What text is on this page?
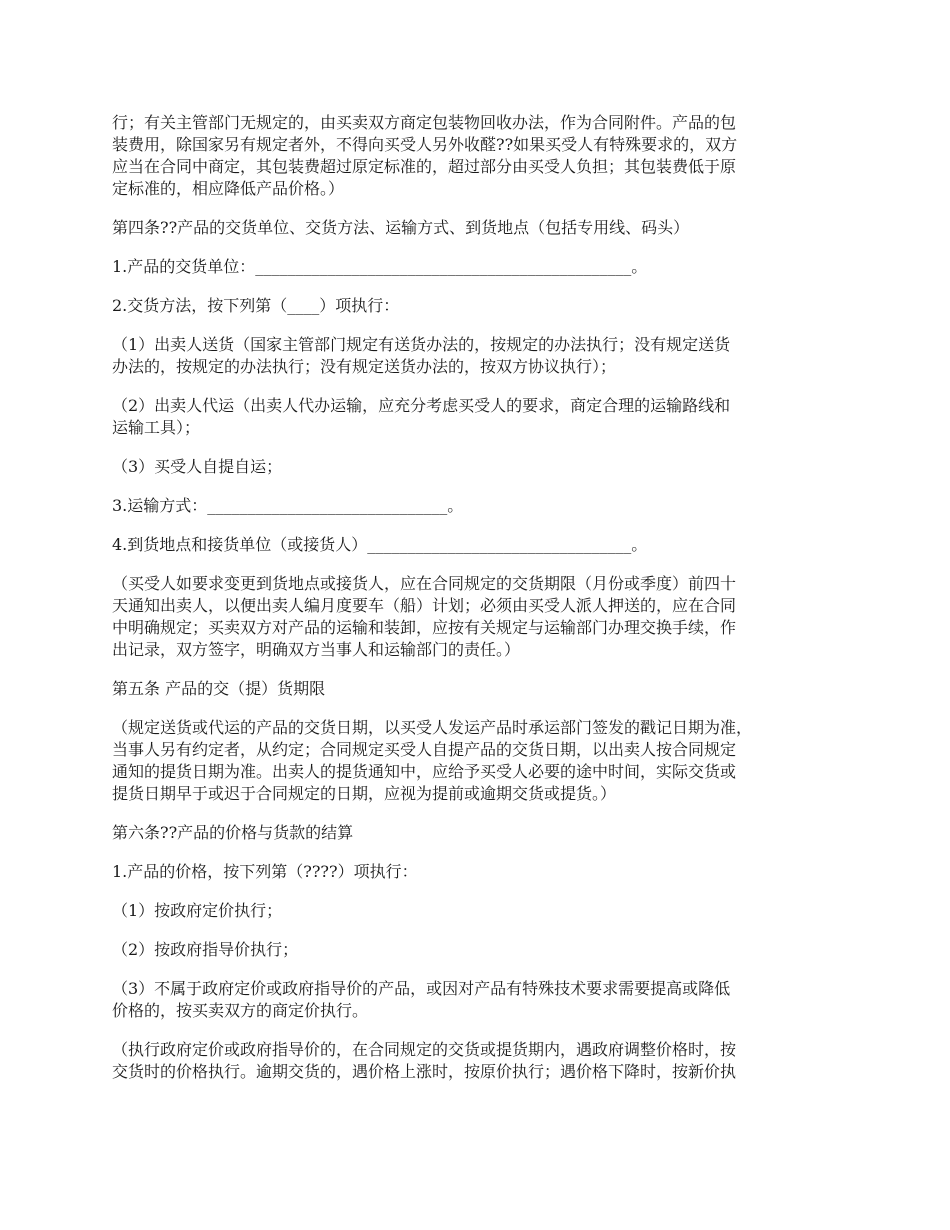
行；有关主管部门无规定的，由买卖双方商定包装物回收办法，作为合同附件。产品的包
装费用，除国家另有规定者外，不得向买受人另外收醛??如果买受人有特殊要求的，双方
应当在合同中商定，其包装费超过原定标准的，超过部分由买受人负担；其包装费低于原
定标准的，相应降低产品价格。）

第四条??产品的交货单位、交货方法、运输方式、到货地点（包括专用线、码头）

1.产品的交货单位：_______________________________________________。

2.交货方法，按下列第（____）项执行：

（1）出卖人送货（国家主管部门规定有送货办法的，按规定的办法执行；没有规定送货
办法的，按规定的办法执行；没有规定送货办法的，按双方协议执行）；

（2）出卖人代运（出卖人代办运输，应充分考虑买受人的要求，商定合理的运输路线和
运输工具）；

（3）买受人自提自运；

3.运输方式：______________________________。

4.到货地点和接货单位（或接货人）_________________________________。

（买受人如要求变更到货地点或接货人，应在合同规定的交货期限（月份或季度）前四十
天通知出卖人，以便出卖人编月度要车（船）计划；必须由买受人派人押送的，应在合同
中明确规定；买卖双方对产品的运输和装卸，应按有关规定与运输部门办理交换手续，作
出记录，双方签字，明确双方当事人和运输部门的责任。）

第五条 产品的交（提）货期限

（规定送货或代运的产品的交货日期，以买受人发运产品时承运部门签发的戳记日期为准，
当事人另有约定者，从约定；合同规定买受人自提产品的交货日期，以出卖人按合同规定
通知的提货日期为准。出卖人的提货通知中，应给予买受人必要的途中时间，实际交货或
提货日期早于或迟于合同规定的日期，应视为提前或逾期交货或提货。）

第六条??产品的价格与货款的结算

1.产品的价格，按下列第（????）项执行：

（1）按政府定价执行；

（2）按政府指导价执行；

（3）不属于政府定价或政府指导价的产品，或因对产品有特殊技术要求需要提高或降低
价格的，按买卖双方的商定价执行。

（执行政府定价或政府指导价的，在合同规定的交货或提货期内，遇政府调整价格时，按
交货时的价格执行。逾期交货的，遇价格上涨时，按原价执行；遇价格下降时，按新价执
